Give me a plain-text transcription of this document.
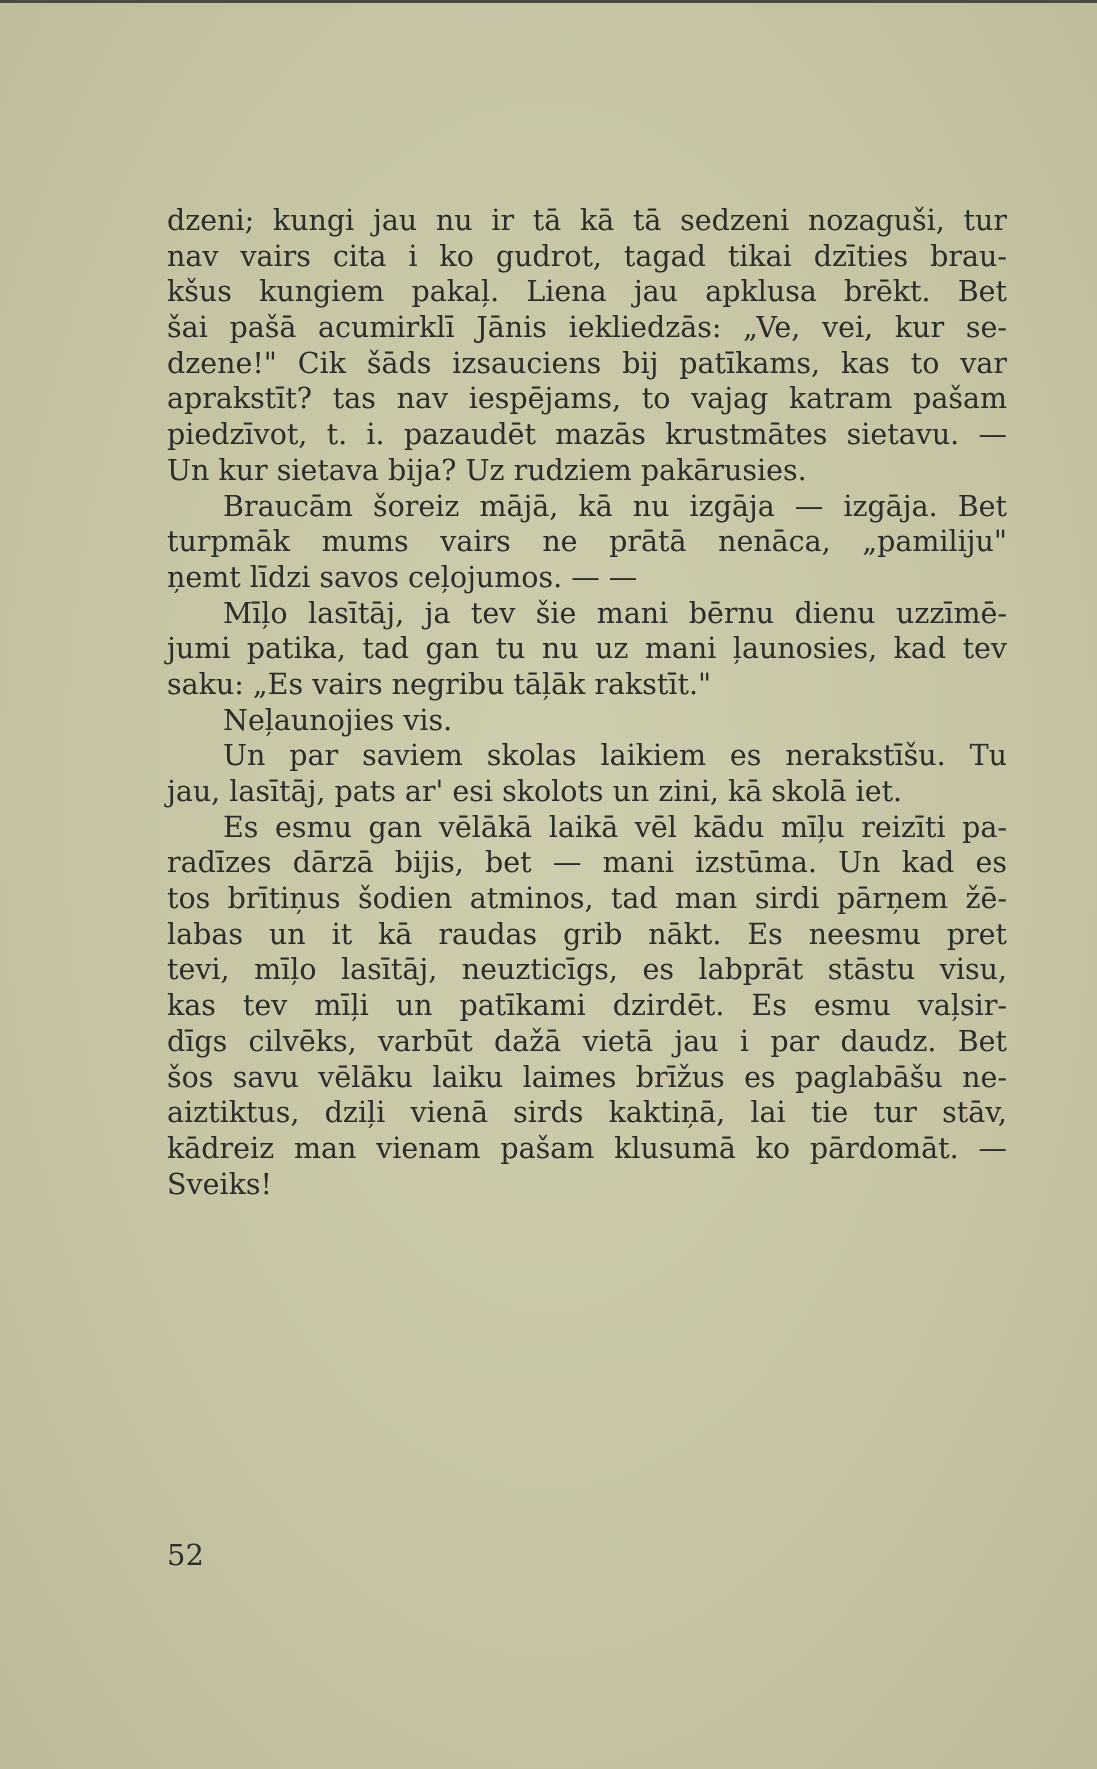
dzeni; kungi jau nu ir tā kā tā sedzeni nozaguši, tur
nav vairs cita i ko gudrot, tagad tikai dzīties brau-
kšus kungiem pakaļ. Liena jau apklusa brēkt. Bet
šai pašā acumirklī Jānis iekliedzās: „Ve, vei, kur se-
dzene!" Cik šāds izsauciens bij patīkams, kas to var
aprakstīt? tas nav iespējams, to vajag katram pašam
piedzīvot, t. i. pazaudēt mazās krustmātes sietavu. —
Un kur sietava bija? Uz rudziem pakārusies.
Braucām šoreiz mājā, kā nu izgāja — izgāja. Bet
turpmāk mums vairs ne prātā nenāca, „pamiliju"
ņemt līdzi savos ceļojumos. — —
Mīļo lasītāj, ja tev šie mani bērnu dienu uzzīmē-
jumi patika, tad gan tu nu uz mani ļaunosies, kad tev
saku: „Es vairs negribu tāļāk rakstīt."
Neļaunojies vis.
Un par saviem skolas laikiem es nerakstīšu. Tu
jau, lasītāj, pats ar' esi skolots un zini, kā skolā iet.
Es esmu gan vēlākā laikā vēl kādu mīļu reizīti pa-
radīzes dārzā bijis, bet — mani izstūma. Un kad es
tos brītiņus šodien atminos, tad man sirdi pārņem žē-
labas un it kā raudas grib nākt. Es neesmu pret
tevi, mīļo lasītāj, neuzticīgs, es labprāt stāstu visu,
kas tev mīļi un patīkami dzirdēt. Es esmu vaļsir-
dīgs cilvēks, varbūt dažā vietā jau i par daudz. Bet
šos savu vēlāku laiku laimes brīžus es paglabāšu ne-
aiztiktus, dziļi vienā sirds kaktiņā, lai tie tur stāv,
kādreiz man vienam pašam klusumā ko pārdomāt. —
Sveiks!
52
